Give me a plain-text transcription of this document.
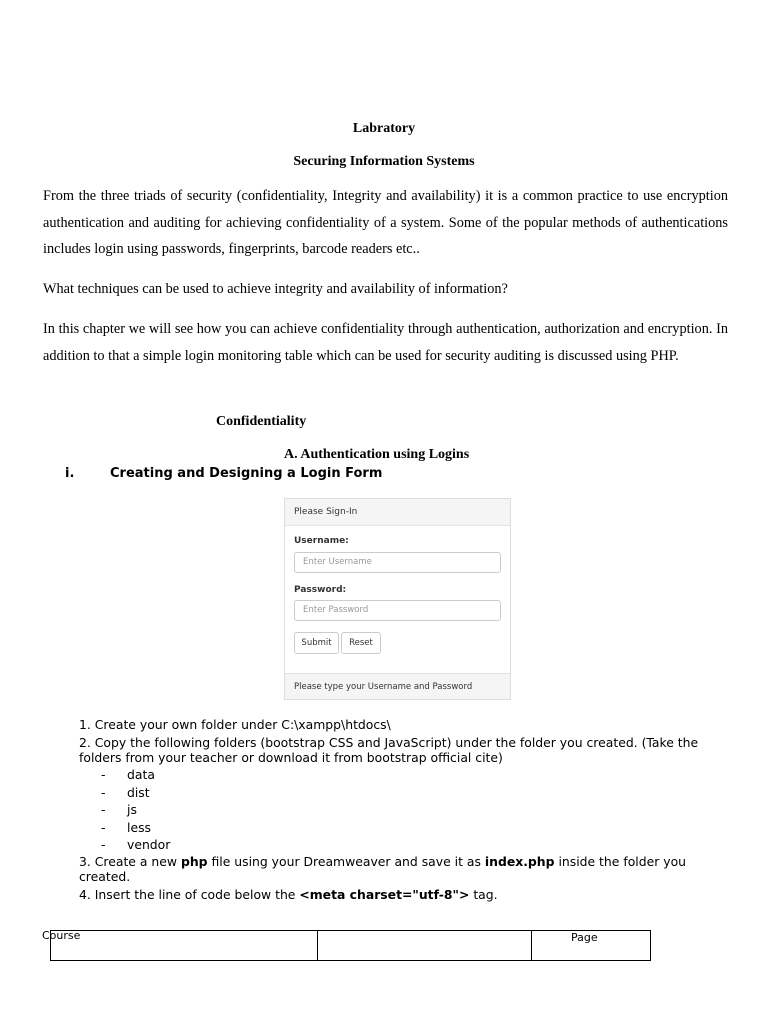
Labratory
Securing Information Systems
From the three triads of security (confidentiality, Integrity and availability) it is a common practice to use encryption authentication and auditing for achieving confidentiality of a system. Some of the popular methods of authentications includes login using passwords, fingerprints, barcode readers etc..
What techniques can be used to achieve integrity and availability of information?
In this chapter we will see how you can achieve confidentiality through authentication, authorization and encryption. In addition to that a simple login monitoring table which can be used for security auditing is discussed using PHP.
Confidentiality
A. Authentication using Logins
i.	Creating and Designing a Login Form
Please Sign-In
Username:
Enter Username
Password:
Enter Password
Submit	Reset
Please type your Username and Password
1. Create your own folder under C:\xampp\htdocs\
2. Copy the following folders (bootstrap CSS and JavaScript) under the folder you created. (Take the folders from your teacher or download it from bootstrap official cite)
- data
- dist
- js
- less
- vendor
3. Create a new php file using your Dreamweaver and save it as index.php inside the folder you created.
4. Insert the line of code below the <meta charset="utf-8"> tag.
Course	Page
